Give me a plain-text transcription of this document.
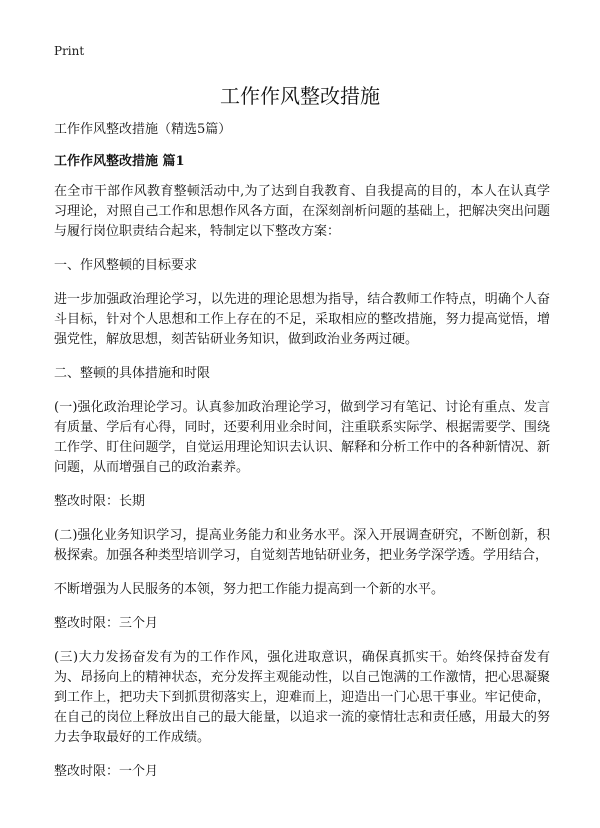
Print
工作作风整改措施

工作作风整改措施（精选5篇）

工作作风整改措施 篇1

在全市干部作风教育整顿活动中,为了达到自我教育、自我提高的目的，本人在认真学习理论，对照自己工作和思想作风各方面，在深刻剖析问题的基础上，把解决突出问题与履行岗位职责结合起来，特制定以下整改方案：

一、作风整顿的目标要求

进一步加强政治理论学习，以先进的理论思想为指导，结合教师工作特点，明确个人奋斗目标，针对个人思想和工作上存在的不足，采取相应的整改措施，努力提高觉悟，增强党性，解放思想，刻苦钻研业务知识，做到政治业务两过硬。

二、整顿的具体措施和时限

(一)强化政治理论学习。认真参加政治理论学习，做到学习有笔记、讨论有重点、发言有质量、学后有心得，同时，还要利用业余时间，注重联系实际学、根据需要学、围绕工作学、盯住问题学，自觉运用理论知识去认识、解释和分析工作中的各种新情况、新问题，从而增强自己的政治素养。

整改时限：长期

(二)强化业务知识学习，提高业务能力和业务水平。深入开展调查研究，不断创新，积极探索。加强各种类型培训学习，自觉刻苦地钻研业务，把业务学深学透。学用结合，

不断增强为人民服务的本领，努力把工作能力提高到一个新的水平。

整改时限：三个月

(三)大力发扬奋发有为的工作作风，强化进取意识，确保真抓实干。始终保持奋发有为、昂扬向上的精神状态，充分发挥主观能动性，以自己饱满的工作激情，把心思凝聚到工作上，把功夫下到抓贯彻落实上，迎难而上，迎造出一门心思干事业。牢记使命，在自己的岗位上释放出自己的最大能量，以追求一流的豪情壮志和责任感，用最大的努力去争取最好的工作成绩。

整改时限：一个月
